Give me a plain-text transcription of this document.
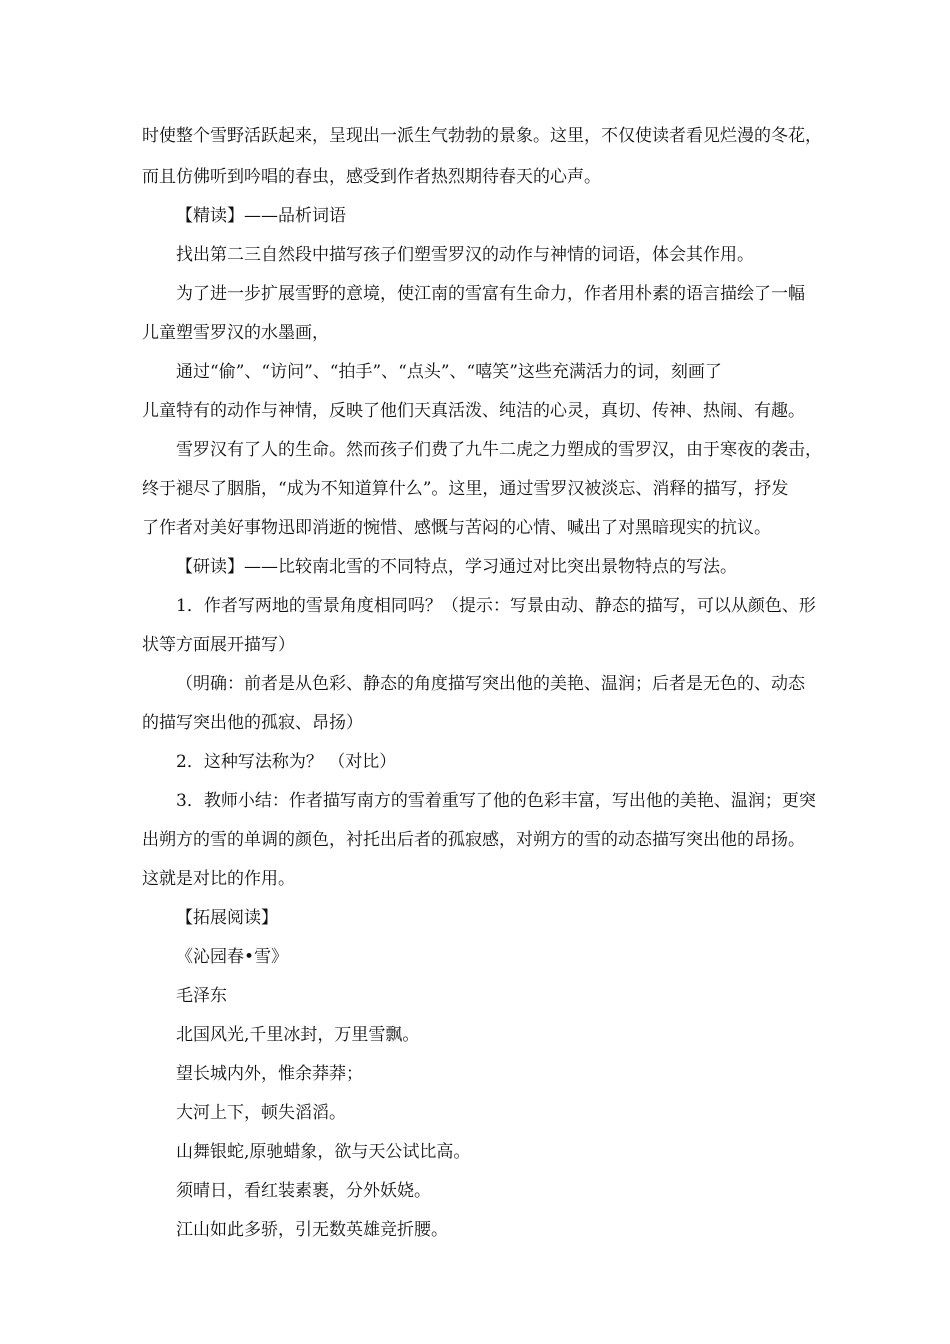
时使整个雪野活跃起来，呈现出一派生气勃勃的景象。这里，不仅使读者看见烂漫的冬花，
而且仿佛听到吟唱的春虫，感受到作者热烈期待春天的心声。
【精读】——品析词语
找出第二三自然段中描写孩子们塑雪罗汉的动作与神情的词语，体会其作用。
为了进一步扩展雪野的意境，使江南的雪富有生命力，作者用朴素的语言描绘了一幅
儿童塑雪罗汉的水墨画，
通过“偷”、“访问”、“拍手”、“点头”、“嘻笑”这些充满活力的词，刻画了
儿童特有的动作与神情，反映了他们天真活泼、纯洁的心灵，真切、传神、热闹、有趣。
雪罗汉有了人的生命。然而孩子们费了九牛二虎之力塑成的雪罗汉，由于寒夜的袭击，
终于褪尽了胭脂，“成为不知道算什么”。这里，通过雪罗汉被淡忘、消释的描写，抒发
了作者对美好事物迅即消逝的惋惜、感慨与苦闷的心情、喊出了对黑暗现实的抗议。
【研读】——比较南北雪的不同特点，学习通过对比突出景物特点的写法。
1．作者写两地的雪景角度相同吗？（提示：写景由动、静态的描写，可以从颜色、形
状等方面展开描写）
（明确：前者是从色彩、静态的角度描写突出他的美艳、温润；后者是无色的、动态
的描写突出他的孤寂、昂扬）
2．这种写法称为？ （对比）
3．教师小结：作者描写南方的雪着重写了他的色彩丰富，写出他的美艳、温润；更突
出朔方的雪的单调的颜色，衬托出后者的孤寂感，对朔方的雪的动态描写突出他的昂扬。
这就是对比的作用。
【拓展阅读】
《沁园春•雪》
毛泽东
北国风光,千里冰封，万里雪飘。
望长城内外，惟余莽莽；
大河上下，顿失滔滔。
山舞银蛇,原驰蜡象，欲与天公试比高。
须晴日，看红装素裹，分外妖娆。
江山如此多骄，引无数英雄竞折腰。
